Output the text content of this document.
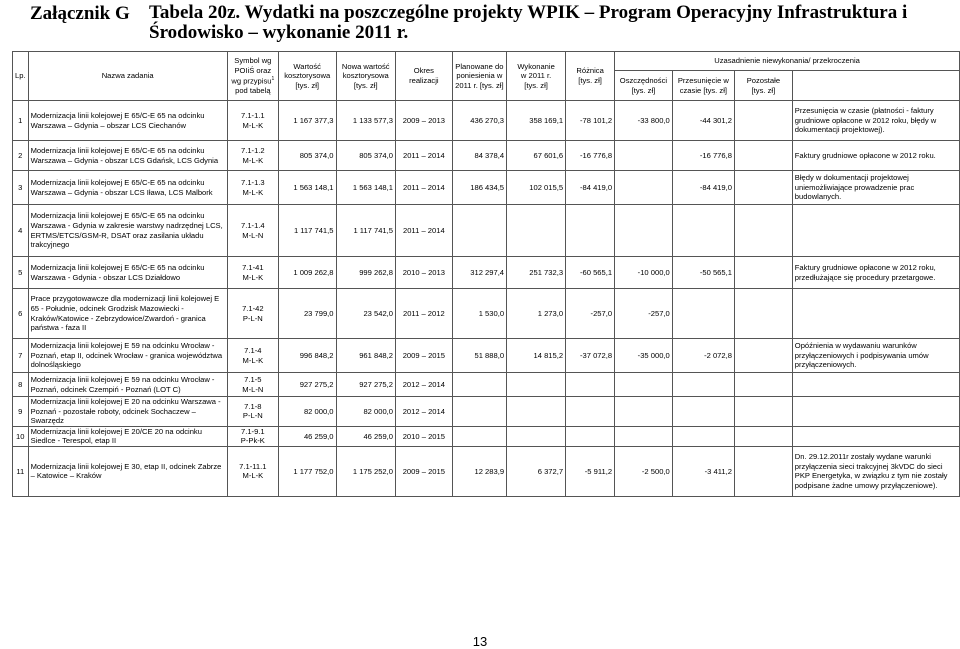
Załącznik G Tabela 20z. Wydatki na poszczególne projekty WPIK – Program Operacyjny Infrastruktura i Środowisko – wykonanie 2011 r.
Lp.	Nazwa zadania	Symbol wg POIiŚ oraz
wg przypisu$^1$
pod tabelą	Wartość
kosztorysowa
[tys. zł]	Nowa wartość
kosztorysowa
[tys. zł]	Okres
realizacji	Planowane do
poniesienia w
2011 r. [tys. zł]	Wykonanie
w 2011 r.
[tys. zł]	Różnica
[tys. zł]	Uzasadnienie niewykonania/ przekroczenia			
									Oszczędności
[tys. zł]	Przesunięcie w
czasie [tys. zł]	Pozostałe
[tys. zł]	
1	Modernizacja linii kolejowej E 65/C-E 65 na odcinku Warszawa – Gdynia – obszar LCS Ciechanów	7.1-1.1
M-L-K	1 167 377,3	1 133 577,3	2009 – 2013	436 270,3	358 169,1	-78 101,2	-33 800,0	-44 301,2		Przesunięcia w czasie (płatności - faktury grudniowe opłacone w 2012 roku, błędy w dokumentacji projektowej).
2	Modernizacja linii kolejowej E 65/C-E 65 na odcinku Warszawa – Gdynia - obszar LCS Gdańsk, LCS Gdynia	7.1-1.2
M-L-K	805 374,0	805 374,0	2011 – 2014	84 378,4	67 601,6	-16 776,8		-16 776,8		Faktury grudniowe opłacone w 2012 roku.
3	Modernizacja linii kolejowej E 65/C-E 65 na odcinku Warszawa – Gdynia - obszar LCS Iława, LCS Malbork	7.1-1.3
M-L-K	1 563 148,1	1 563 148,1	2011 – 2014	186 434,5	102 015,5	-84 419,0		-84 419,0		Błędy w dokumentacji projektowej uniemożliwiające prowadzenie prac budowlanych.
4	Modernizacja linii kolejowej E 65/C-E 65 na odcinku Warszawa - Gdynia w zakresie warstwy nadrzędnej LCS, ERTMS/ETCS/GSM-R, DSAT oraz zasilania układu trakcyjnego	7.1-1.4
M-L-N	1 117 741,5	1 117 741,5	2011 – 2014							
5	Modernizacja linii kolejowej E 65/C-E 65 na odcinku Warszawa - Gdynia - obszar LCS Działdowo	7.1-41
M-L-K	1 009 262,8	999 262,8	2010 – 2013	312 297,4	251 732,3	-60 565,1	-10 000,0	-50 565,1		Faktury grudniowe opłacone w 2012 roku, przedłużające się procedury przetargowe.
6	Prace przygotowawcze dla modernizacji linii kolejowej E 65 - Południe, odcinek Grodzisk Mazowiecki - Kraków/Katowice - Zebrzydowice/Zwardoń - granica państwa - faza II	7.1-42
P-L-N	23 799,0	23 542,0	2011 – 2012	1 530,0	1 273,0	-257,0	-257,0			
7	Modernizacja linii kolejowej E 59 na odcinku Wrocław - Poznań, etap II, odcinek Wrocław - granica województwa dolnośląskiego	7.1-4
M-L-K	996 848,2	961 848,2	2009 – 2015	51 888,0	14 815,2	-37 072,8	-35 000,0	-2 072,8		Opóźnienia w wydawaniu warunków przyłączeniowych i podpisywania umów przyłączeniowych.
8	Modernizacja linii kolejowej E 59 na odcinku Wrocław - Poznań, odcinek Czempiń - Poznań (LOT C)	7.1-5
M-L-N	927 275,2	927 275,2	2012 – 2014							
9	Modernizacja linii kolejowej E 20 na odcinku Warszawa - Poznań - pozostałe roboty, odcinek Sochaczew – Swarzędz	7.1-8
P-L-N	82 000,0	82 000,0	2012 – 2014							
10	Modernizacja linii kolejowej E 20/CE 20 na odcinku Siedlce - Terespol, etap II	7.1-9.1
P-Pk-K	46 259,0	46 259,0	2010 – 2015							
11	Modernizacja linii kolejowej E 30, etap II, odcinek Zabrze – Katowice – Kraków	7.1-11.1
M-L-K	1 177 752,0	1 175 252,0	2009 – 2015	12 283,9	6 372,7	-5 911,2	-2 500,0	-3 411,2		Dn. 29.12.2011r zostały wydane warunki przyłączenia sieci trakcyjnej 3kVDC do sieci PKP Energetyka, w związku z tym nie zostały podpisane żadne umowy przyłączeniowe).
13
